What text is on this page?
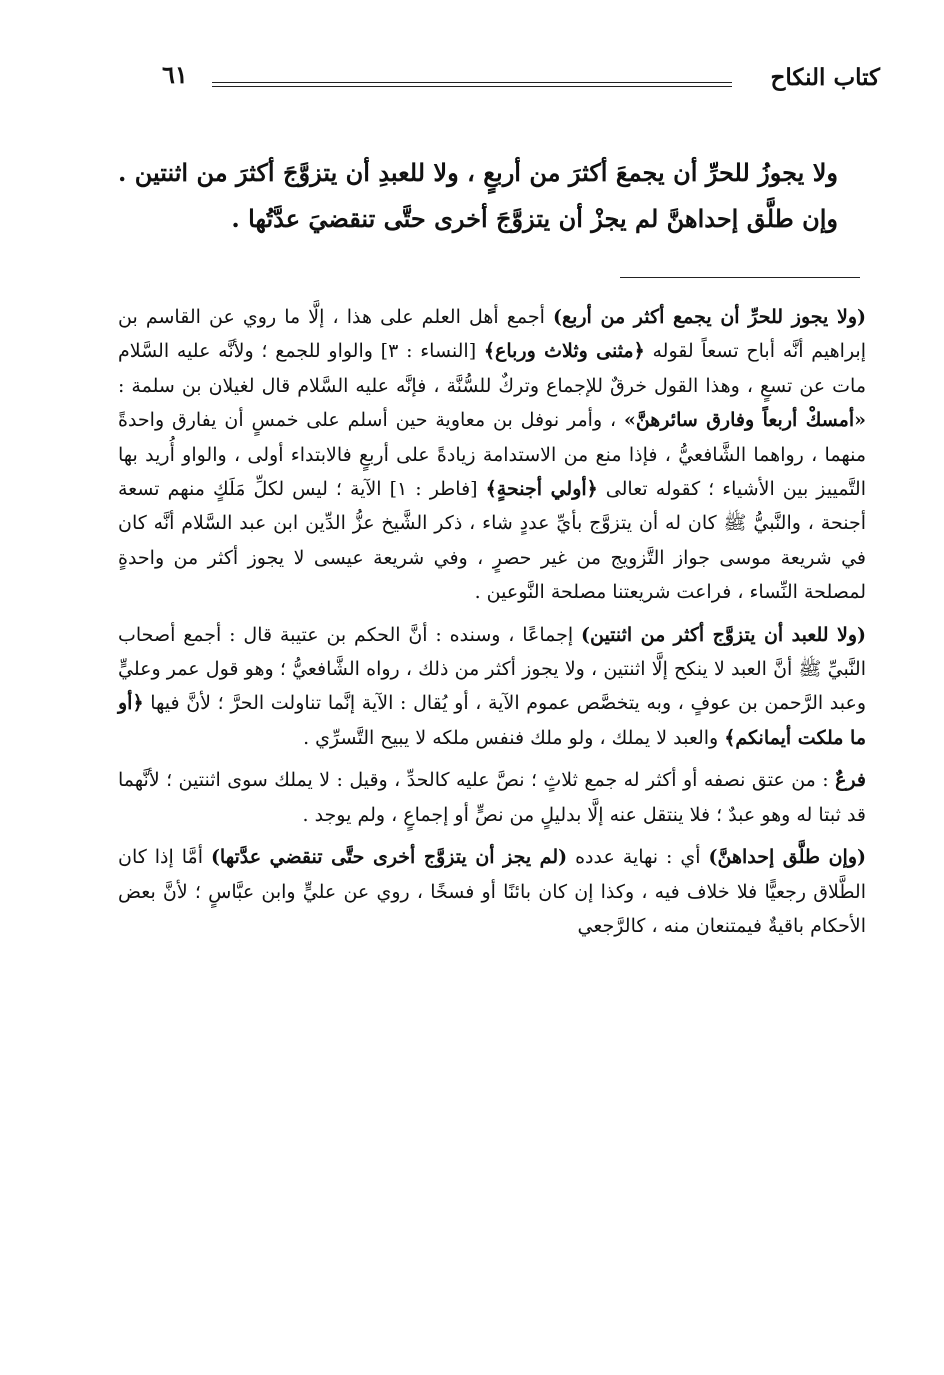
كتاب النكاح
٦١

ولا يجوزُ للحرِّ أن يجمعَ أكثرَ من أربعٍ ، ولا للعبدِ أن يتزوَّجَ أكثرَ من اثنتين . وإن طلَّق إحداهنَّ لم يجزْ أن يتزوَّجَ أخرى حتَّى تنقضيَ عدَّتُها .

(ولا يجوز للحرِّ أن يجمع أكثر من أربع) أجمع أهل العلم على هذا ، إلَّا ما روي عن القاسم بن إبراهيم أنَّه أباح تسعاً لقوله ﴿مثنى وثلاث ورباع﴾ [النساء : ٣] والواو للجمع ؛ ولأنَّه عليه السَّلام مات عن تسعٍ ، وهذا القول خرقٌ للإجماع وتركٌ للسُّنَّة ، فإنَّه عليه السَّلام قال لغيلان بن سلمة : «أمسكْ أربعاً وفارق سائرهنَّ» ، وأمر نوفل بن معاوية حين أسلم على خمسٍ أن يفارق واحدةً منهما ، رواهما الشَّافعيُّ ، فإذا منع من الاستدامة زيادةً على أربعٍ فالابتداء أولى ، والواو أُريد بها التَّمييز بين الأشياء ؛ كقوله تعالى ﴿أولي أجنحةٍ﴾ [فاطر : ١] الآية ؛ ليس لكلِّ مَلَكٍ منهم تسعة أجنحة ، والنَّبيُّ ﷺ كان له أن يتزوَّج بأيِّ عددٍ شاء ، ذكر الشَّيخ عزُّ الدِّين ابن عبد السَّلام أنَّه كان في شريعة موسى جواز التَّزويج من غير حصرٍ ، وفي شريعة عيسى لا يجوز أكثر من واحدةٍ لمصلحة النِّساء ، فراعت شريعتنا مصلحة النَّوعين .

(ولا للعبد أن يتزوَّج أكثر من اثنتين) إجماعًا ، وسنده : أنَّ الحكم بن عتيبة قال : أجمع أصحاب النَّبيِّ ﷺ أنَّ العبد لا ينكح إلَّا اثنتين ، ولا يجوز أكثر من ذلك ، رواه الشَّافعيُّ ؛ وهو قول عمر وعليٍّ وعبد الرَّحمن بن عوفٍ ، وبه يتخصَّص عموم الآية ، أو يُقال : الآية إنَّما تناولت الحرَّ ؛ لأنَّ فيها ﴿أو ما ملكت أيمانكم﴾ والعبد لا يملك ، ولو ملك فنفس ملكه لا يبيح التَّسرِّي .

فرعٌ : من عتق نصفه أو أكثر له جمع ثلاثٍ ؛ نصَّ عليه كالحدِّ ، وقيل : لا يملك سوى اثنتين ؛ لأنَّهما قد ثبتا له وهو عبدٌ ؛ فلا ينتقل عنه إلَّا بدليلٍ من نصٍّ أو إجماعٍ ، ولم يوجد .

(وإن طلَّق إحداهنَّ) أي : نهاية عدده (لم يجز أن يتزوَّج أخرى حتَّى تنقضي عدَّتها) أمَّا إذا كان الطَّلاق رجعيًّا فلا خلاف فيه ، وكذا إن كان بائنًا أو فسخًا ، روي عن عليٍّ وابن عبَّاسٍ ؛ لأنَّ بعض الأحكام باقيةٌ فيمتنعان منه ، كالرَّجعي
